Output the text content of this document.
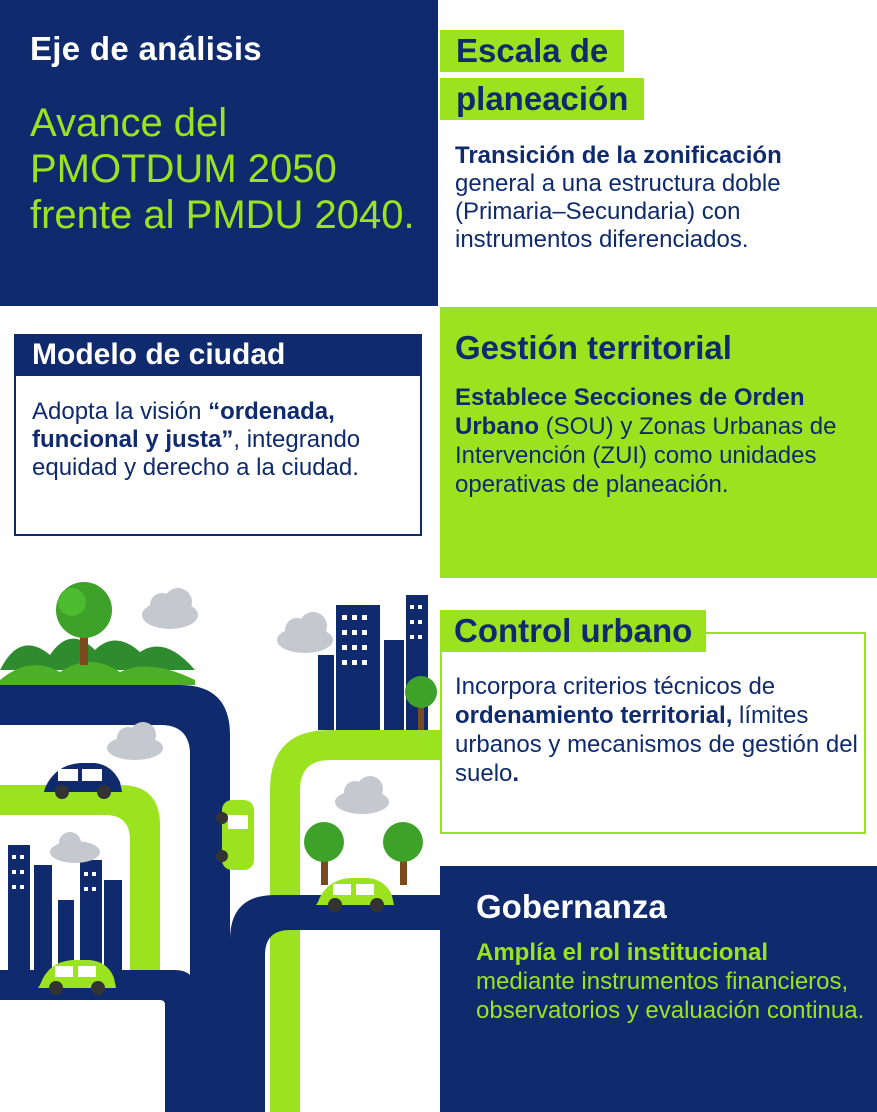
Eje de análisis
Avance del PMOTDUM 2050 frente al PMDU 2040.
Escala de
planeación
Transición de la zonificación general a una estructura doble (Primaria–Secundaria) con instrumentos diferenciados.
Modelo de ciudad
Adopta la visión “ordenada, funcional y justa”, integrando equidad y derecho a la ciudad.
Gestión territorial
Establece Secciones de Orden Urbano (SOU) y Zonas Urbanas de Intervención (ZUI) como unidades operativas de planeación.
Control urbano
Incorpora criterios técnicos de ordenamiento territorial, límites urbanos y mecanismos de gestión del suelo.
Gobernanza
Amplía el rol institucional mediante instrumentos financieros, observatorios y evaluación continua.
